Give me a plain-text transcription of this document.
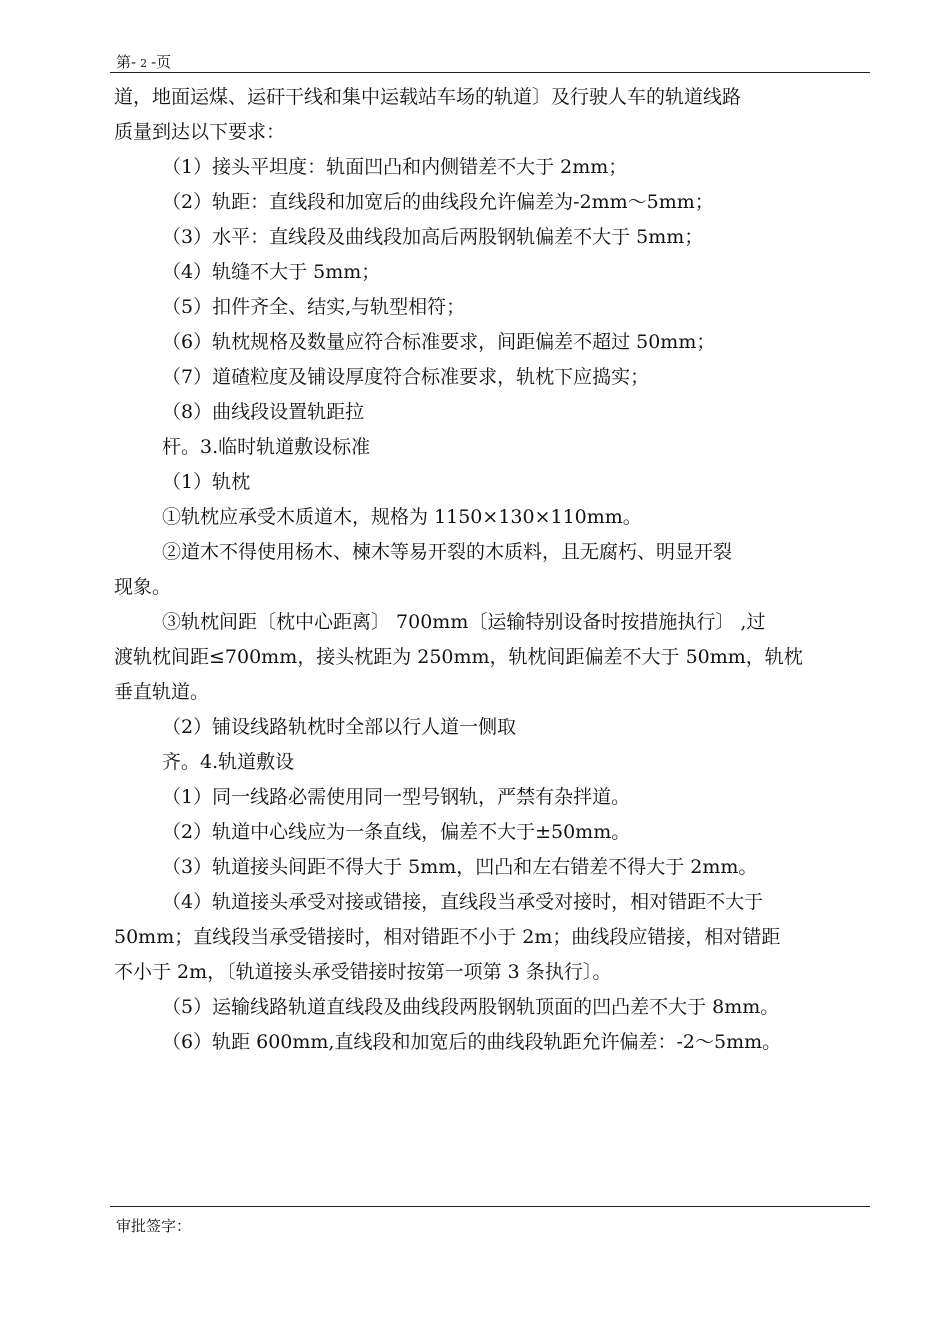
第- 2 -页
道，地面运煤、运矸干线和集中运载站车场的轨道〕及行驶人车的轨道线路
质量到达以下要求：
（1）接头平坦度：轨面凹凸和内侧错差不大于 2mm；
（2）轨距：直线段和加宽后的曲线段允许偏差为-2mm～5mm；
（3）水平：直线段及曲线段加高后两股钢轨偏差不大于 5mm；
（4）轨缝不大于 5mm；
（5）扣件齐全、结实,与轨型相符；
（6）轨枕规格及数量应符合标准要求，间距偏差不超过 50mm；
（7）道碴粒度及铺设厚度符合标准要求，轨枕下应捣实；
（8）曲线段设置轨距拉
杆。3.临时轨道敷设标准
（1）轨枕
①轨枕应承受木质道木，规格为 1150×130×110mm。
②道木不得使用杨木、楝木等易开裂的木质料，且无腐朽、明显开裂
现象。
③轨枕间距〔枕中心距离〕 700mm〔运输特别设备时按措施执行〕 ,过
渡轨枕间距≤700mm，接头枕距为 250mm，轨枕间距偏差不大于 50mm，轨枕
垂直轨道。
（2）铺设线路轨枕时全部以行人道一侧取
齐。4.轨道敷设
（1）同一线路必需使用同一型号钢轨，严禁有杂拌道。
（2）轨道中心线应为一条直线，偏差不大于±50mm。
（3）轨道接头间距不得大于 5mm，凹凸和左右错差不得大于 2mm。
（4）轨道接头承受对接或错接，直线段当承受对接时，相对错距不大于
50mm；直线段当承受错接时，相对错距不小于 2m；曲线段应错接，相对错距
不小于 2m，〔轨道接头承受错接时按第一项第 3 条执行〕。
（5）运输线路轨道直线段及曲线段两股钢轨顶面的凹凸差不大于 8mm。
（6）轨距 600mm,直线段和加宽后的曲线段轨距允许偏差：-2～5mm。
审批签字：
